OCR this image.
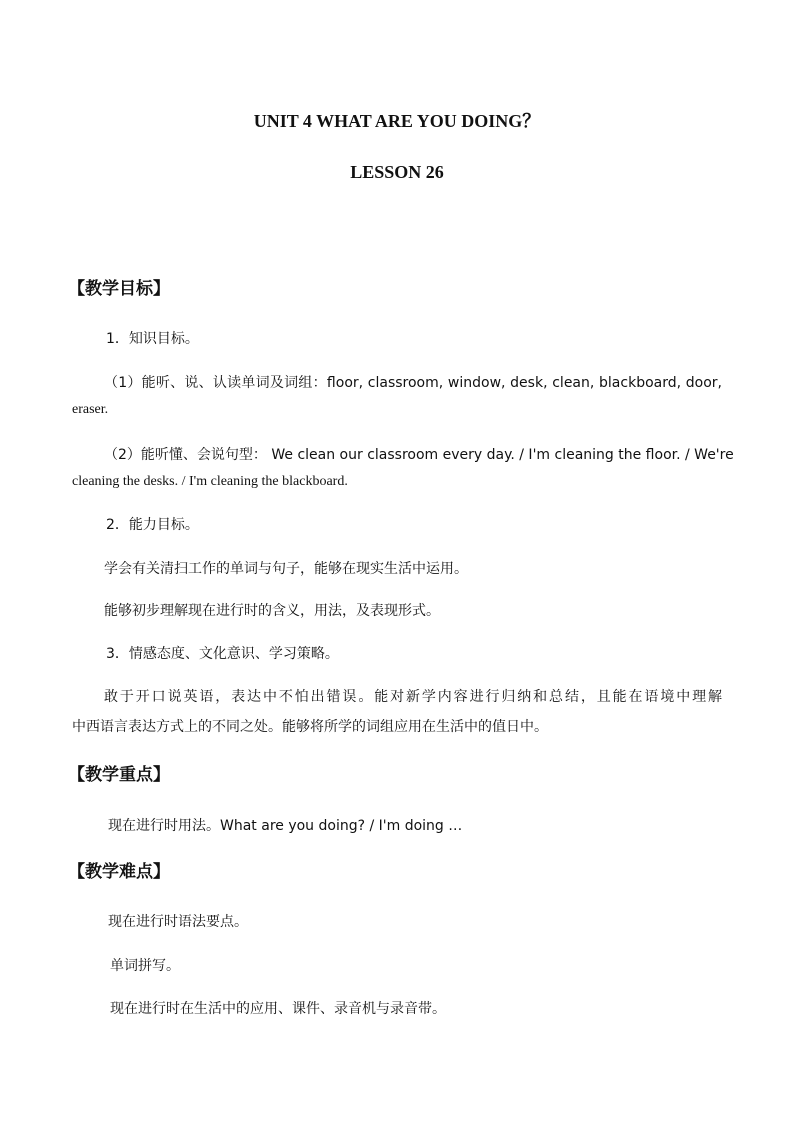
UNIT 4 WHAT ARE YOU DOING？
LESSON 26
【教学目标】
1．知识目标。
（1）能听、说、认读单词及词组：floor, classroom, window, desk, clean, blackboard, door,
eraser.
（2）能听懂、会说句型： We clean our classroom every day. / I'm cleaning the floor. / We're
cleaning the desks. / I'm cleaning the blackboard.
2．能力目标。
学会有关清扫工作的单词与句子，能够在现实生活中运用。
能够初步理解现在进行时的含义，用法，及表现形式。
3．情感态度、文化意识、学习策略。
敢于开口说英语，表达中不怕出错误。能对新学内容进行归纳和总结，且能在语境中理解
中西语言表达方式上的不同之处。能够将所学的词组应用在生活中的值日中。
【教学重点】
现在进行时用法。What are you doing? / I'm doing …
【教学难点】
现在进行时语法要点。
单词拼写。
现在进行时在生活中的应用、课件、录音机与录音带。
